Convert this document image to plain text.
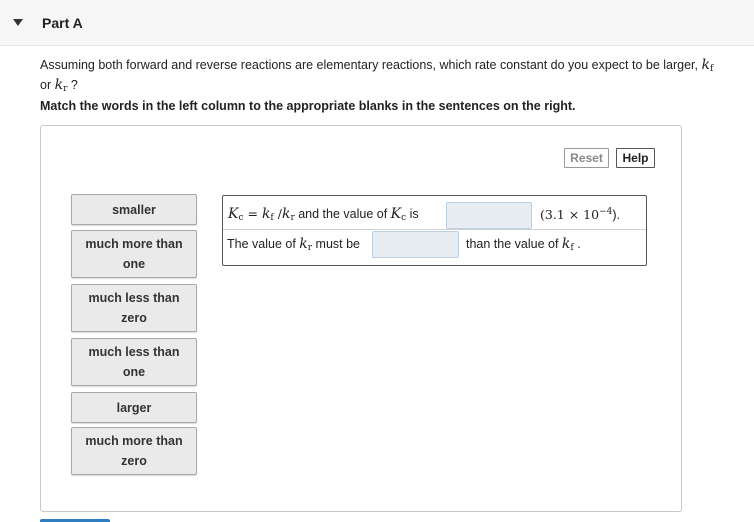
Part A
Assuming both forward and reverse reactions are elementary reactions, which rate constant do you expect to be larger, $k_f$
or $k_r$ ?
Match the words in the left column to the appropriate blanks in the sentences on the right.
Reset	Help
smaller
much more than
one
much less than
zero
much less than
one
larger
much more than
zero
$K_c = k_f$ $/k_r$ and the value of $K_c$ is	$(3.1 \times 10^{-4})$.
The value of $k_r$ must be	than the value of $k_f$ .
